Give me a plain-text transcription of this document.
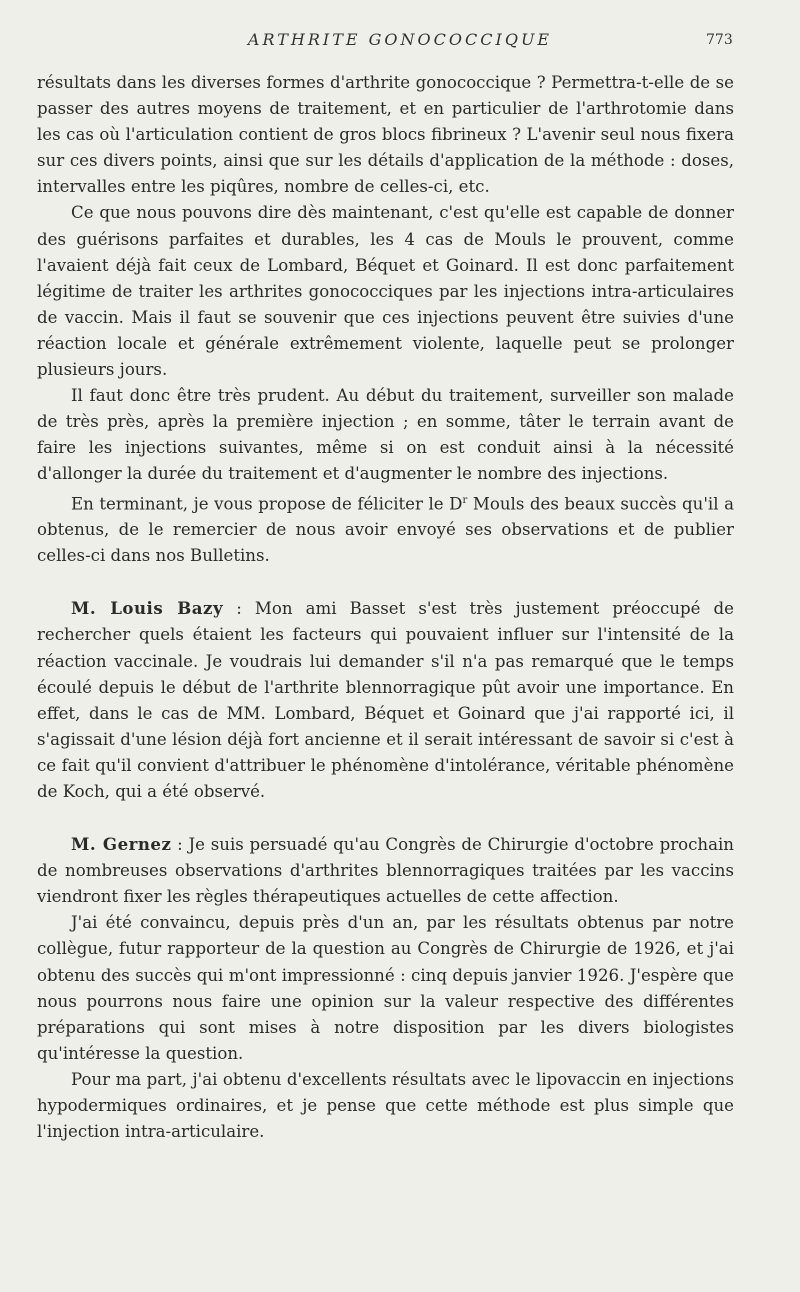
ARTHRITE GONOCOCCIQUE	773

résultats dans les diverses formes d'arthrite gonococcique ? Permettra-t-elle de se passer des autres moyens de traitement, et en particulier de l'arthrotomie dans les cas où l'articulation contient de gros blocs fibrineux ? L'avenir seul nous fixera sur ces divers points, ainsi que sur les détails d'application de la méthode : doses, intervalles entre les piqûres, nombre de celles-ci, etc.

Ce que nous pouvons dire dès maintenant, c'est qu'elle est capable de donner des guérisons parfaites et durables, les 4 cas de Mouls le prouvent, comme l'avaient déjà fait ceux de Lombard, Béquet et Goinard. Il est donc parfaitement légitime de traiter les arthrites gonococciques par les injections intra-articulaires de vaccin. Mais il faut se souvenir que ces injections peuvent être suivies d'une réaction locale et générale extrêmement violente, laquelle peut se prolonger plusieurs jours.

Il faut donc être très prudent. Au début du traitement, surveiller son malade de très près, après la première injection ; en somme, tâter le terrain avant de faire les injections suivantes, même si on est conduit ainsi à la nécessité d'allonger la durée du traitement et d'augmenter le nombre des injections.

En terminant, je vous propose de féliciter le $D^r$ Mouls des beaux succès qu'il a obtenus, de le remercier de nous avoir envoyé ses observations et de publier celles-ci dans nos Bulletins.

M. Louis Bazy : Mon ami Basset s'est très justement préoccupé de rechercher quels étaient les facteurs qui pouvaient influer sur l'intensité de la réaction vaccinale. Je voudrais lui demander s'il n'a pas remarqué que le temps écoulé depuis le début de l'arthrite blennorragique pût avoir une importance. En effet, dans le cas de MM. Lombard, Béquet et Goinard que j'ai rapporté ici, il s'agissait d'une lésion déjà fort ancienne et il serait intéressant de savoir si c'est à ce fait qu'il convient d'attribuer le phénomène d'intolérance, véritable phénomène de Koch, qui a été observé.

M. Gernez : Je suis persuadé qu'au Congrès de Chirurgie d'octobre prochain de nombreuses observations d'arthrites blennorragiques traitées par les vaccins viendront fixer les règles thérapeutiques actuelles de cette affection.

J'ai été convaincu, depuis près d'un an, par les résultats obtenus par notre collègue, futur rapporteur de la question au Congrès de Chirurgie de 1926, et j'ai obtenu des succès qui m'ont impressionné : cinq depuis janvier 1926. J'espère que nous pourrons nous faire une opinion sur la valeur respective des différentes préparations qui sont mises à notre disposition par les divers biologistes qu'intéresse la question.

Pour ma part, j'ai obtenu d'excellents résultats avec le lipovaccin en injections hypodermiques ordinaires, et je pense que cette méthode est plus simple que l'injection intra-articulaire.
